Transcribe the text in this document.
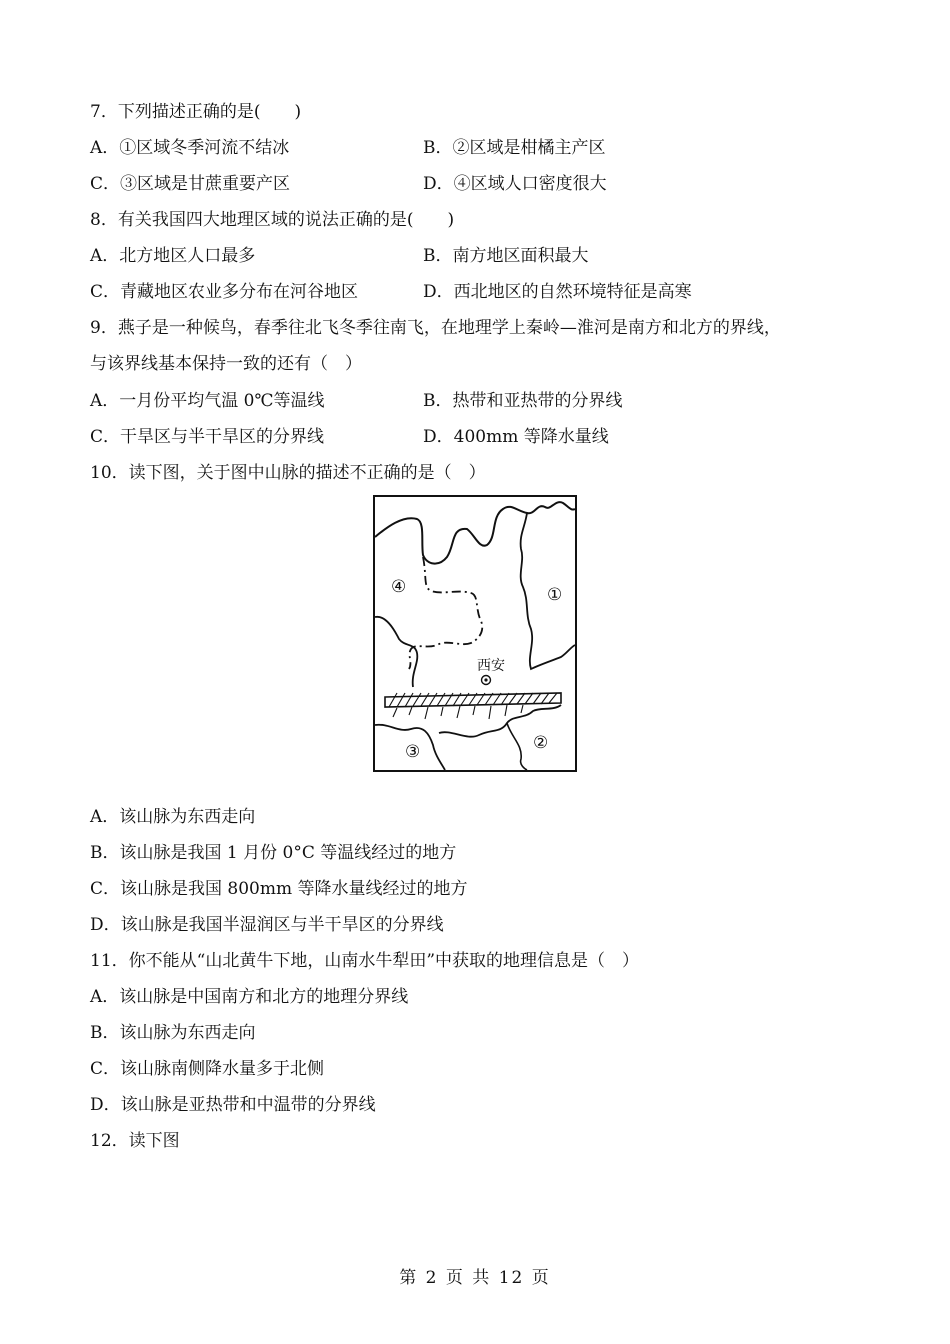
7．下列描述正确的是(　　)
A．①区域冬季河流不结冰	B．②区域是柑橘主产区
C．③区域是甘蔗重要产区	D．④区域人口密度很大
8．有关我国四大地理区域的说法正确的是(　　)
A．北方地区人口最多	B．南方地区面积最大
C．青藏地区农业多分布在河谷地区	D．西北地区的自然环境特征是高寒
9．燕子是一种候鸟，春季往北飞冬季往南飞，在地理学上秦岭—淮河是南方和北方的界线，
与该界线基本保持一致的还有（　）
A．一月份平均气温 0℃等温线	B．热带和亚热带的分界线
C．干旱区与半干旱区的分界线	D．400mm 等降水量线
10．读下图，关于图中山脉的描述不正确的是（　）
西安
①
②
③
④
A．该山脉为东西走向
B．该山脉是我国 1 月份 0°C 等温线经过的地方
C．该山脉是我国 800mm 等降水量线经过的地方
D．该山脉是我国半湿润区与半干旱区的分界线
11．你不能从“山北黄牛下地，山南水牛犁田”中获取的地理信息是（　）
A．该山脉是中国南方和北方的地理分界线
B．该山脉为东西走向
C．该山脉南侧降水量多于北侧
D．该山脉是亚热带和中温带的分界线
12．读下图
第 2 页 共 12 页
